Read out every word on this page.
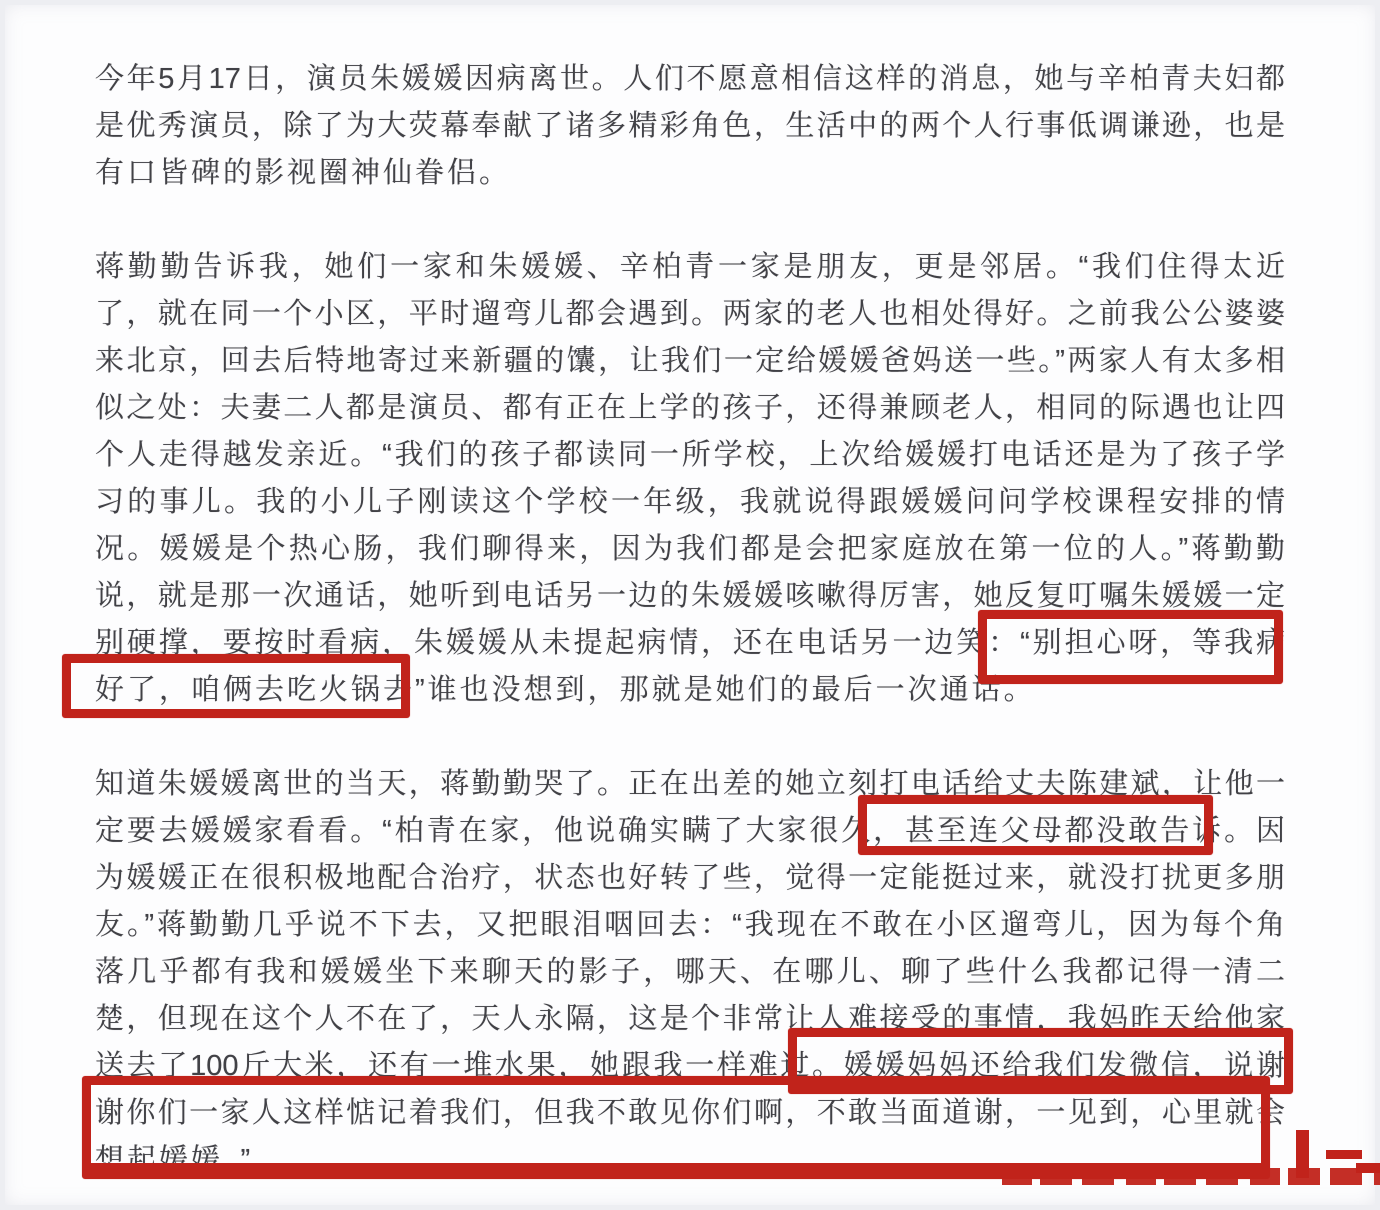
今年5月17日，演员朱媛媛因病离世。人们不愿意相信这样的消息，她与辛柏青夫妇都
是优秀演员，除了为大荧幕奉献了诸多精彩角色，生活中的两个人行事低调谦逊，也是
有口皆碑的影视圈神仙眷侣。
蒋勤勤告诉我，她们一家和朱媛媛、辛柏青一家是朋友，更是邻居。“我们住得太近
了，就在同一个小区，平时遛弯儿都会遇到。两家的老人也相处得好。之前我公公婆婆
来北京，回去后特地寄过来新疆的馕，让我们一定给媛媛爸妈送一些。”两家人有太多相
似之处：夫妻二人都是演员、都有正在上学的孩子，还得兼顾老人，相同的际遇也让四
个人走得越发亲近。“我们的孩子都读同一所学校，上次给媛媛打电话还是为了孩子学
习的事儿。我的小儿子刚读这个学校一年级，我就说得跟媛媛问问学校课程安排的情
况。媛媛是个热心肠，我们聊得来，因为我们都是会把家庭放在第一位的人。”蒋勤勤
说，就是那一次通话，她听到电话另一边的朱媛媛咳嗽得厉害，她反复叮嘱朱媛媛一定
别硬撑，要按时看病，朱媛媛从未提起病情，还在电话另一边笑：“别担心呀，等我病
好了，咱俩去吃火锅去”谁也没想到，那就是她们的最后一次通话。
知道朱媛媛离世的当天，蒋勤勤哭了。正在出差的她立刻打电话给丈夫陈建斌，让他一
定要去媛媛家看看。“柏青在家，他说确实瞒了大家很久，甚至连父母都没敢告诉。因
为媛媛正在很积极地配合治疗，状态也好转了些，觉得一定能挺过来，就没打扰更多朋
友。”蒋勤勤几乎说不下去，又把眼泪咽回去：“我现在不敢在小区遛弯儿，因为每个角
落几乎都有我和媛媛坐下来聊天的影子，哪天、在哪儿、聊了些什么我都记得一清二
楚，但现在这个人不在了，天人永隔，这是个非常让人难接受的事情，我妈昨天给他家
送去了100斤大米，还有一堆水果，她跟我一样难过。媛媛妈妈还给我们发微信，说谢
谢你们一家人这样惦记着我们，但我不敢见你们啊，不敢当面道谢，一见到，心里就会
想起媛媛。”
